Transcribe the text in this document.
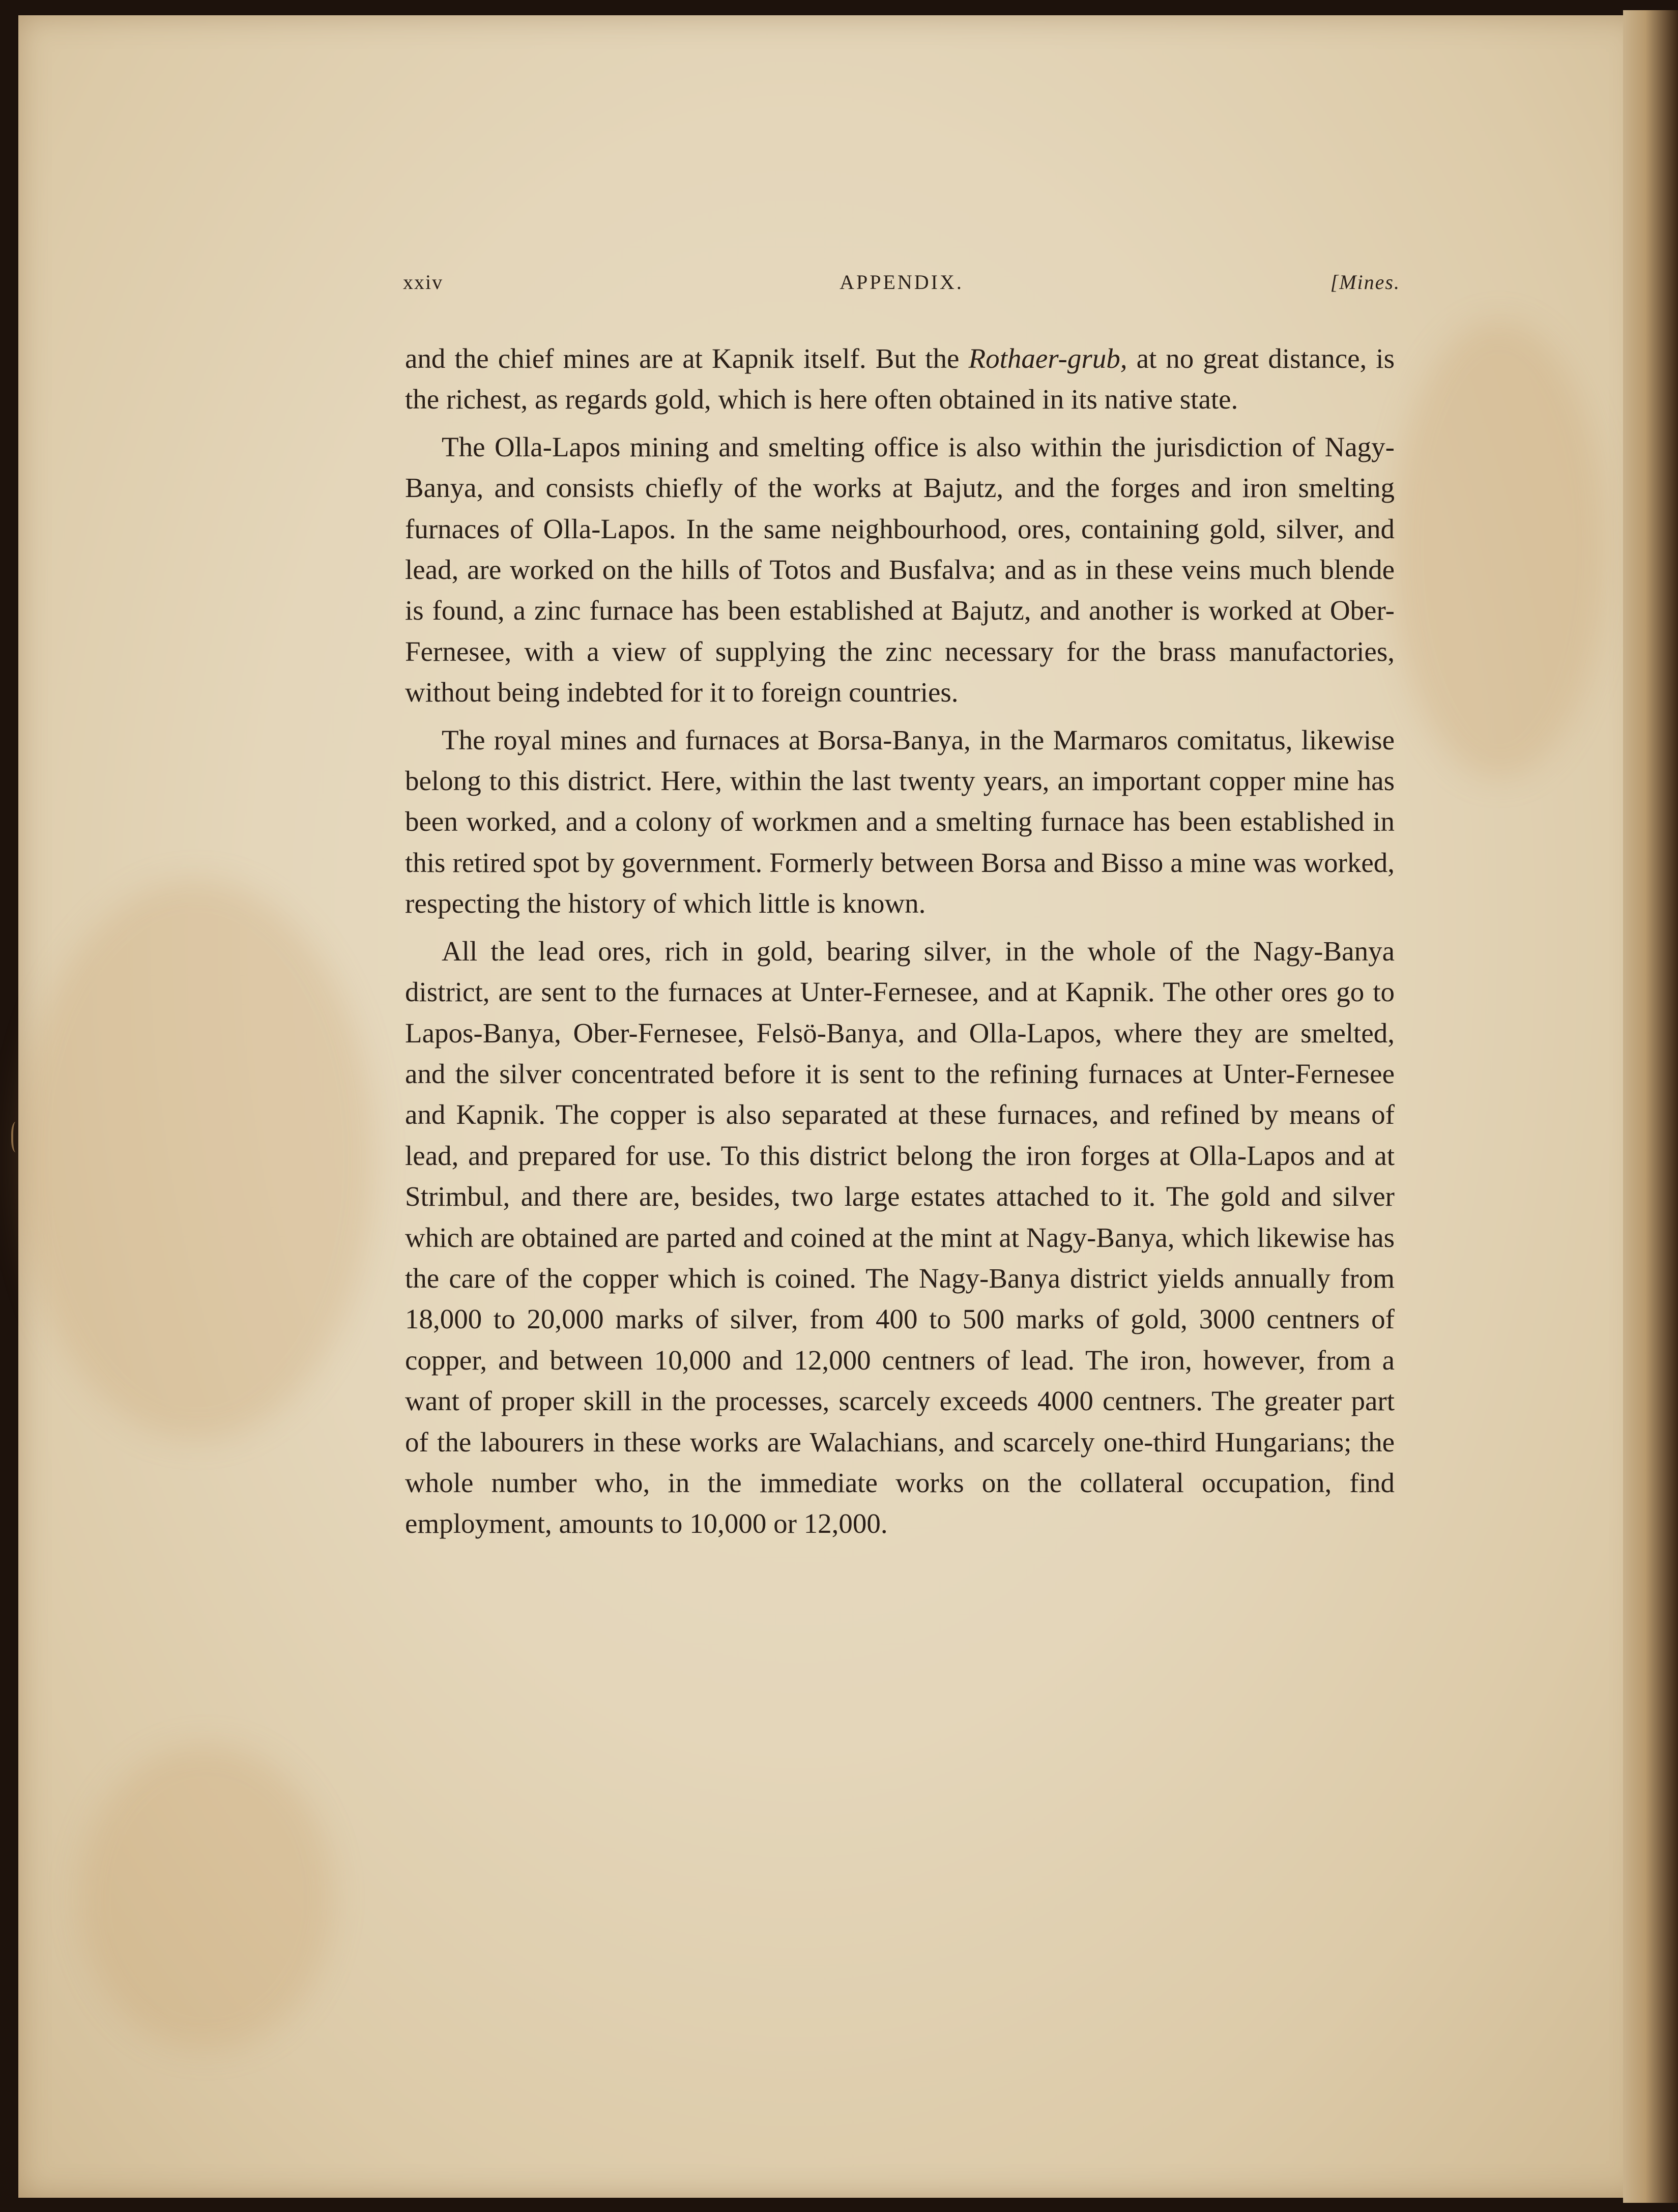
xxiv	APPENDIX.	[Mines.

and the chief mines are at Kapnik itself. But the Rothaer-grub, at no great distance, is the richest, as regards gold, which is here often obtained in its native state.

The Olla-Lapos mining and smelting office is also within the jurisdiction of Nagy-Banya, and consists chiefly of the works at Bajutz, and the forges and iron smelting furnaces of Olla-Lapos. In the same neighbourhood, ores, containing gold, silver, and lead, are worked on the hills of Totos and Busfalva; and as in these veins much blende is found, a zinc furnace has been established at Bajutz, and another is worked at Ober-Fernesee, with a view of supplying the zinc necessary for the brass manufactories, without being indebted for it to foreign countries.

The royal mines and furnaces at Borsa-Banya, in the Marmaros comitatus, likewise belong to this district. Here, within the last twenty years, an important copper mine has been worked, and a colony of workmen and a smelting furnace has been established in this retired spot by government. Formerly between Borsa and Bisso a mine was worked, respecting the history of which little is known.

All the lead ores, rich in gold, bearing silver, in the whole of the Nagy-Banya district, are sent to the furnaces at Unter-Fernesee, and at Kapnik. The other ores go to Lapos-Banya, Ober-Fernesee, Felsö-Banya, and Olla-Lapos, where they are smelted, and the silver concentrated before it is sent to the refining furnaces at Unter-Fernesee and Kapnik. The copper is also separated at these furnaces, and refined by means of lead, and prepared for use. To this district belong the iron forges at Olla-Lapos and at Strimbul, and there are, besides, two large estates attached to it. The gold and silver which are obtained are parted and coined at the mint at Nagy-Banya, which likewise has the care of the copper which is coined. The Nagy-Banya district yields annually from 18,000 to 20,000 marks of silver, from 400 to 500 marks of gold, 3000 centners of copper, and between 10,000 and 12,000 centners of lead. The iron, however, from a want of proper skill in the processes, scarcely exceeds 4000 centners. The greater part of the labourers in these works are Walachians, and scarcely one-third Hungarians; the whole number who, in the immediate works on the collateral occupation, find employment, amounts to 10,000 or 12,000.
